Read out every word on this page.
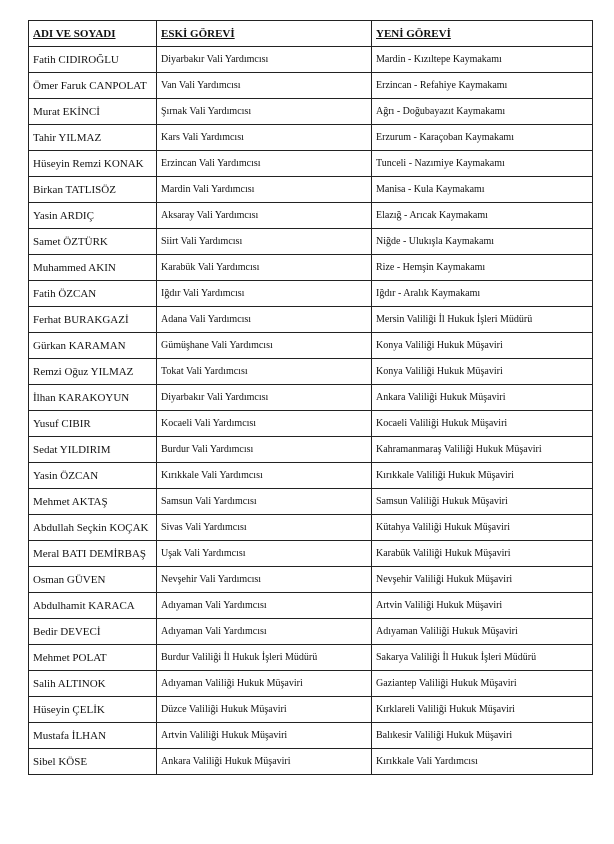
ADI VE SOYADI	ESKİ GÖREVİ	YENİ GÖREVİ
Fatih CIDIROĞLU	Diyarbakır Vali Yardımcısı	Mardin - Kızıltepe Kaymakamı
Ömer Faruk CANPOLAT	Van Vali Yardımcısı	Erzincan - Refahiye Kaymakamı
Murat EKİNCİ	Şırnak Vali Yardımcısı	Ağrı - Doğubayazıt Kaymakamı
Tahir YILMAZ	Kars Vali Yardımcısı	Erzurum - Karaçoban Kaymakamı
Hüseyin Remzi KONAK	Erzincan Vali Yardımcısı	Tunceli - Nazımiye Kaymakamı
Birkan TATLISÖZ	Mardin Vali Yardımcısı	Manisa - Kula Kaymakamı
Yasin ARDIÇ	Aksaray Vali Yardımcısı	Elazığ - Arıcak Kaymakamı
Samet ÖZTÜRK	Siirt Vali Yardımcısı	Niğde - Ulukışla Kaymakamı
Muhammed AKIN	Karabük Vali Yardımcısı	Rize - Hemşin Kaymakamı
Fatih ÖZCAN	Iğdır Vali Yardımcısı	Iğdır - Aralık Kaymakamı
Ferhat BURAKGAZİ	Adana Vali Yardımcısı	Mersin Valiliği İl Hukuk İşleri Müdürü
Gürkan KARAMAN	Gümüşhane Vali Yardımcısı	Konya Valiliği Hukuk Müşaviri
Remzi Oğuz YILMAZ	Tokat Vali Yardımcısı	Konya Valiliği Hukuk Müşaviri
İlhan KARAKOYUN	Diyarbakır Vali Yardımcısı	Ankara Valiliği Hukuk Müşaviri
Yusuf CIBIR	Kocaeli Vali Yardımcısı	Kocaeli Valiliği Hukuk Müşaviri
Sedat YILDIRIM	Burdur Vali Yardımcısı	Kahramanmaraş Valiliği Hukuk Müşaviri
Yasin ÖZCAN	Kırıkkale Vali Yardımcısı	Kırıkkale Valiliği Hukuk Müşaviri
Mehmet AKTAŞ	Samsun Vali Yardımcısı	Samsun Valiliği Hukuk Müşaviri
Abdullah Seçkin KOÇAK	Sivas Vali Yardımcısı	Kütahya Valiliği Hukuk Müşaviri
Meral BATI DEMİRBAŞ	Uşak Vali Yardımcısı	Karabük Valiliği Hukuk Müşaviri
Osman GÜVEN	Nevşehir Vali Yardımcısı	Nevşehir Valiliği Hukuk Müşaviri
Abdulhamit KARACA	Adıyaman Vali Yardımcısı	Artvin Valiliği Hukuk Müşaviri
Bedir DEVECİ	Adıyaman Vali Yardımcısı	Adıyaman Valiliği Hukuk Müşaviri
Mehmet POLAT	Burdur Valiliği İl Hukuk İşleri Müdürü	Sakarya Valiliği İl Hukuk İşleri Müdürü
Salih ALTINOK	Adıyaman Valiliği Hukuk Müşaviri	Gaziantep Valiliği Hukuk Müşaviri
Hüseyin ÇELİK	Düzce Valiliği Hukuk Müşaviri	Kırklareli Valiliği Hukuk Müşaviri
Mustafa İLHAN	Artvin Valiliği Hukuk Müşaviri	Balıkesir Valiliği Hukuk Müşaviri
Sibel KÖSE	Ankara Valiliği Hukuk Müşaviri	Kırıkkale Vali Yardımcısı
